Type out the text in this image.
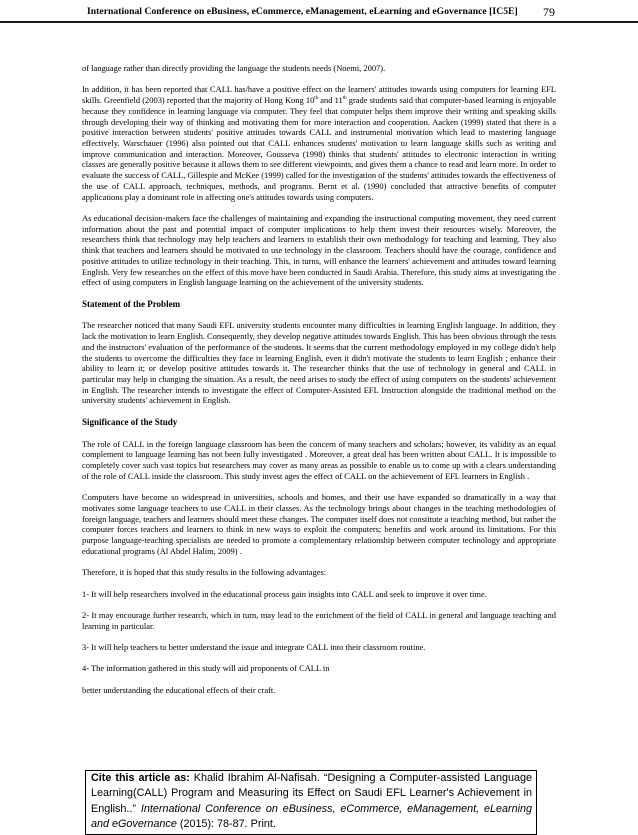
International Conference on eBusiness, eCommerce, eManagement, eLearning and eGovernance [IC5E] 79

of language rather than directly providing the language the students needs (Noemi, 2007).

In addition, it has been reported that CALL has/have a positive effect on the learners' attitudes towards using computers for learning EFL skills. Greenfield (2003) reported that the majority of Hong Kong 10th and 11th grade students said that computer-based learning is enjoyable because they confidence in learning language via computer. They feel that computer helps them improve their writing and speaking skills through developing their way of thinking and motivating them for more interaction and cooperation. Aacken (1999) stated that there is a positive interaction between students' positive attitudes towards CALL and instrumental motivation which lead to mastering language effectively. Warschauer (1996) also pointed out that CALL enhances students' motivation to learn language skills such as writing and improve communication and interaction. Moreover, Gousseva (1998) thinks that students' attitudes to electronic interaction in writing classes are generally positive because it allows them to see different viewpoints, and gives them a chance to read and learn more. In order to evaluate the success of CALL, Gillespie and McKee (1999) called for the investigation of the students' attitudes towards the effectiveness of the use of CALL approach, techniques, methods, and programs. Bernt et al. (1990) concluded that attractive benefits of computer applications play a dominant role in affecting one's attitudes towards using computers.

As educational decision-makers face the challenges of maintaining and expanding the instructional computing movement, they need current information about the past and potential impact of computer implications to help them invest their resources wisely. Moreover, the researchers think that technology may help teachers and learners to establish their own methodology for teaching and learning. They also think that teachers and learners should be motivated to use technology in the classroom. Teachers should have the courage, confidence and positive attitudes to utilize technology in their teaching. This, in turns, will enhance the learners' achievement and attitudes toward learning English. Very few researches on the effect of this move have been conducted in Saudi Arabia. Therefore, this study aims at investigating the effect of using computers in English language learning on the achievement of the university students.

Statement of the Problem

The researcher noticed that many Saudi EFL university students encounter many difficulties in learning English language. In addition, they lack the motivation to learn English. Consequently, they develop negative attitudes towards English. This has been obvious through the tests and the instructors' evaluation of the performance of the students. It seems that the current methodology employed in my college didn't help the students to overcome the difficulties they face in learning English, even it didn't motivate the students to learn English ; enhance their ability to learn it; or develop positive attitudes towards it. The researcher thinks that the use of technology in general and CALL in particular may help in changing the situation. As a result, the need arises to study the effect of using computers on the students' achievement in English. The researcher intends to investigate the effect of Computer-Assisted EFL Instruction alongside the traditional method on the university students' achievement in English.

Significance of the Study

The role of CALL in the foreign language classroom has been the concern of many teachers and scholars; however, its validity as an equal complement to language learning has not been fully investigated . Moreover, a great deal has been written about CALL. It is impossible to completely cover such vast topics but researchers may cover as many areas as possible to enable us to come up with a clears understanding of the role of CALL inside the classroom. This study invest ages the effect of CALL on the achievement of EFL learners in English .

Computers have become so widespread in universities, schools and homes, and their use have expanded so dramatically in a way that motivates some language teachers to use CALL in their classes. As the technology brings about changes in the teaching methodologies of foreign language, teachers and learners should meet these changes. The computer itself does not constitute a teaching method, but rather the computer forces teachers and learners to think in new ways to exploit the computers; benefits and work around its limitations. For this purpose language-teaching specialists are needed to promote a complementary relationship between computer technology and appropriate educational programs (Al Abdel Halim, 2009) .

Therefore, it is hoped that this study results in the following advantages:

1- It will help researchers involved in the educational process gain insights into CALL and seek to improve it over time.

2- It may encourage further research, which in turn, may lead to the enrichment of the field of CALL in general and language teaching and learning in particular.

3- It will help teachers to better understand the issue and integrate CALL into their classroom routine.

4- The information gathered in this study will aid proponents of CALL in

better understanding the educational effects of their craft.

Cite this article as: Khalid Ibrahim Al-Nafisah. “Designing a Computer-assisted Language Learning(CALL) Program and Measuring its Effect on Saudi EFL Learner's Achievement in English..” International Conference on eBusiness, eCommerce, eManagement, eLearning and eGovernance (2015): 78-87. Print.
